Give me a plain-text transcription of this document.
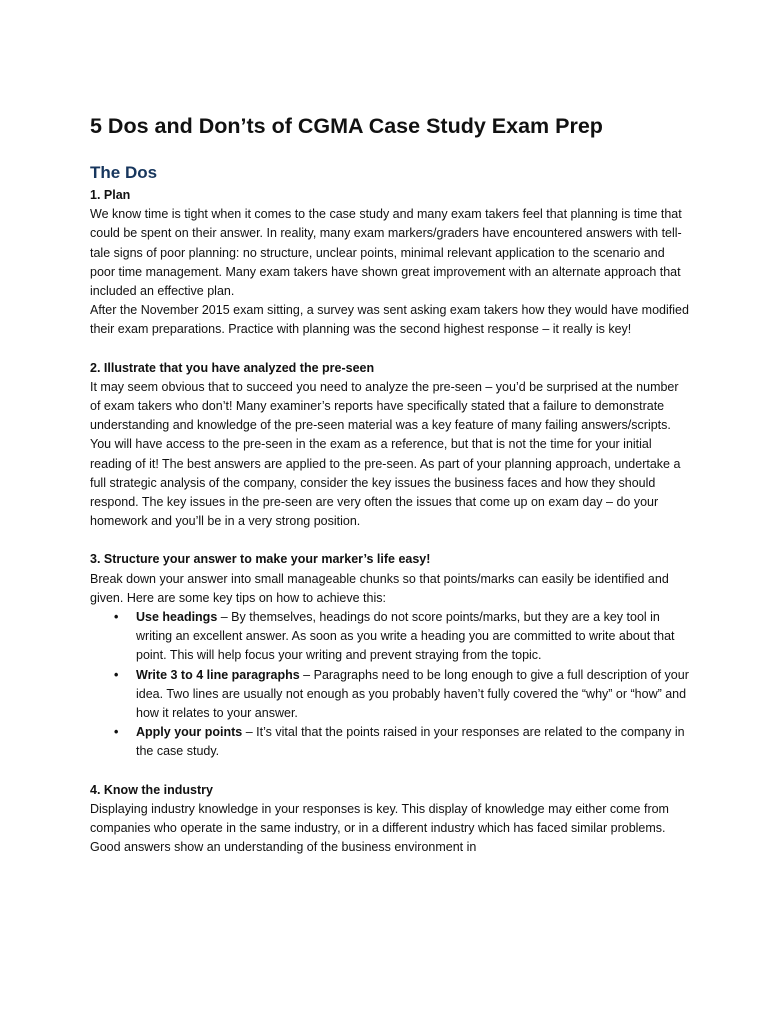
5 Dos and Don’ts of CGMA Case Study Exam Prep
The Dos

1. Plan

We know time is tight when it comes to the case study and many exam takers feel that planning is time that could be spent on their answer. In reality, many exam markers/graders have encountered answers with tell-tale signs of poor planning: no structure, unclear points, minimal relevant application to the scenario and poor time management. Many exam takers have shown great improvement with an alternate approach that included an effective plan.

After the November 2015 exam sitting, a survey was sent asking exam takers how they would have modified their exam preparations. Practice with planning was the second highest response – it really is key!

2. Illustrate that you have analyzed the pre-seen

It may seem obvious that to succeed you need to analyze the pre-seen – you’d be surprised at the number of exam takers who don’t! Many examiner’s reports have specifically stated that a failure to demonstrate understanding and knowledge of the pre-seen material was a key feature of many failing answers/scripts. You will have access to the pre-seen in the exam as a reference, but that is not the time for your initial reading of it! The best answers are applied to the pre-seen. As part of your planning approach, undertake a full strategic analysis of the company, consider the key issues the business faces and how they should respond. The key issues in the pre-seen are very often the issues that come up on exam day – do your homework and you’ll be in a very strong position.

3. Structure your answer to make your marker’s life easy!

Break down your answer into small manageable chunks so that points/marks can easily be identified and given. Here are some key tips on how to achieve this:

• Use headings – By themselves, headings do not score points/marks, but they are a key tool in writing an excellent answer. As soon as you write a heading you are committed to write about that point. This will help focus your writing and prevent straying from the topic.
• Write 3 to 4 line paragraphs – Paragraphs need to be long enough to give a full description of your idea. Two lines are usually not enough as you probably haven’t fully covered the “why” or “how” and how it relates to your answer.
• Apply your points – It’s vital that the points raised in your responses are related to the company in the case study.

4. Know the industry

Displaying industry knowledge in your responses is key. This display of knowledge may either come from companies who operate in the same industry, or in a different industry which has faced similar problems. Good answers show an understanding of the business environment in
